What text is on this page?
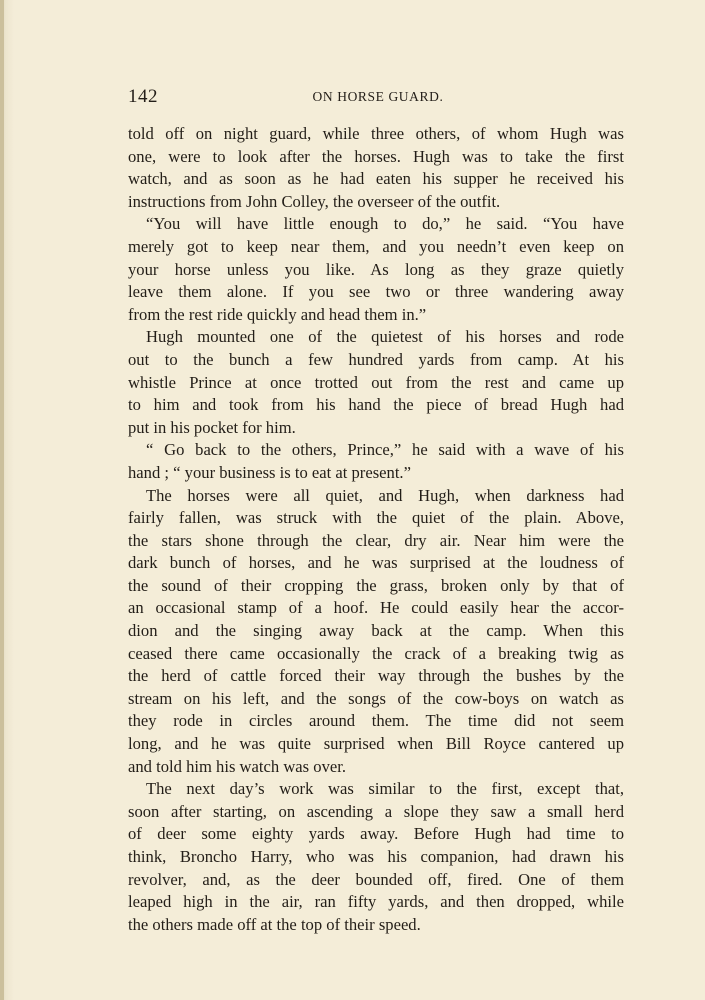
142	ON HORSE GUARD.
told off on night guard, while three others, of whom Hugh was
one, were to look after the horses. Hugh was to take the first
watch, and as soon as he had eaten his supper he received his
instructions from John Colley, the overseer of the outfit.
“You will have little enough to do,” he said. “You have
merely got to keep near them, and you needn’t even keep on
your horse unless you like. As long as they graze quietly
leave them alone. If you see two or three wandering away
from the rest ride quickly and head them in.”
Hugh mounted one of the quietest of his horses and rode
out to the bunch a few hundred yards from camp. At his
whistle Prince at once trotted out from the rest and came up
to him and took from his hand the piece of bread Hugh had
put in his pocket for him.
“ Go back to the others, Prince,” he said with a wave of his
hand ; “ your business is to eat at present.”
The horses were all quiet, and Hugh, when darkness had
fairly fallen, was struck with the quiet of the plain. Above,
the stars shone through the clear, dry air. Near him were the
dark bunch of horses, and he was surprised at the loudness of
the sound of their cropping the grass, broken only by that of
an occasional stamp of a hoof. He could easily hear the accor-
dion and the singing away back at the camp. When this
ceased there came occasionally the crack of a breaking twig as
the herd of cattle forced their way through the bushes by the
stream on his left, and the songs of the cow-boys on watch as
they rode in circles around them. The time did not seem
long, and he was quite surprised when Bill Royce cantered up
and told him his watch was over.
The next day’s work was similar to the first, except that,
soon after starting, on ascending a slope they saw a small herd
of deer some eighty yards away. Before Hugh had time to
think, Broncho Harry, who was his companion, had drawn his
revolver, and, as the deer bounded off, fired. One of them
leaped high in the air, ran fifty yards, and then dropped, while
the others made off at the top of their speed.
